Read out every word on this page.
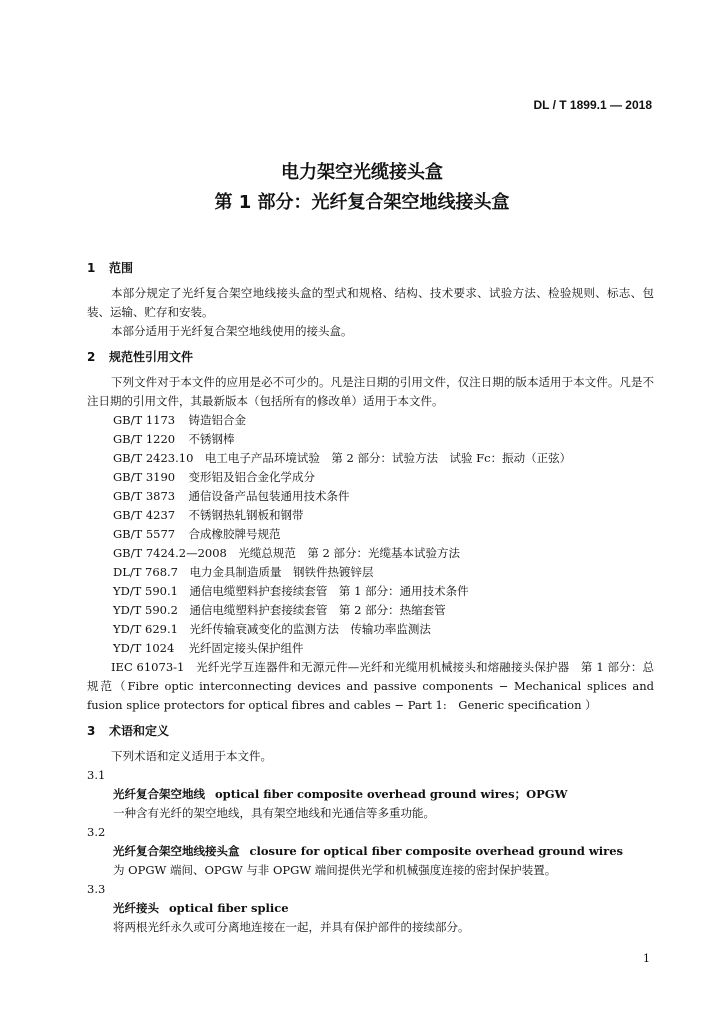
DL / T 1899.1 — 2018

电力架空光缆接头盒

第 1 部分：光纤复合架空地线接头盒

1 范围
本部分规定了光纤复合架空地线接头盒的型式和规格、结构、技术要求、试验方法、检验规则、标志、包装、运输、贮存和安装。
本部分适用于光纤复合架空地线使用的接头盒。
2 规范性引用文件
下列文件对于本文件的应用是必不可少的。凡是注日期的引用文件，仅注日期的版本适用于本文件。凡是不注日期的引用文件，其最新版本（包括所有的修改单）适用于本文件。
GB/T 1173　 铸造铝合金
GB/T 1220　 不锈钢棒
GB/T 2423.10　 电工电子产品环境试验　第 2 部分：试验方法　试验 Fc：振动（正弦）
GB/T 3190　 变形铝及铝合金化学成分
GB/T 3873　 通信设备产品包装通用技术条件
GB/T 4237　 不锈钢热轧钢板和钢带
GB/T 5577　 合成橡胶牌号规范
GB/T 7424.2—2008　 光缆总规范　第 2 部分：光缆基本试验方法
DL/T 768.7　 电力金具制造质量　钢铁件热镀锌层
YD/T 590.1　 通信电缆塑料护套接续套管　第 1 部分：通用技术条件
YD/T 590.2　 通信电缆塑料护套接续套管　第 2 部分：热缩套管
YD/T 629.1　 光纤传输衰减变化的监测方法　传输功率监测法
YD/T 1024　 光纤固定接头保护组件
IEC 61073-1　光纤光学互连器件和无源元件—光纤和光缆用机械接头和熔融接头保护器　第 1 部分：总规范（Fibre optic interconnecting devices and passive components − Mechanical splices and fusion splice protectors for optical fibres and cables − Part 1:　Generic specification ）
3 术语和定义
下列术语和定义适用于本文件。
3.1
光纤复合架空地线 optical fiber composite overhead ground wires；OPGW
一种含有光纤的架空地线，具有架空地线和光通信等多重功能。
3.2
光纤复合架空地线接头盒 closure for optical fiber composite overhead ground wires
为 OPGW 端间、OPGW 与非 OPGW 端间提供光学和机械强度连接的密封保护装置。
3.3
光纤接头 optical fiber splice
将两根光纤永久或可分离地连接在一起，并具有保护部件的接续部分。
1
